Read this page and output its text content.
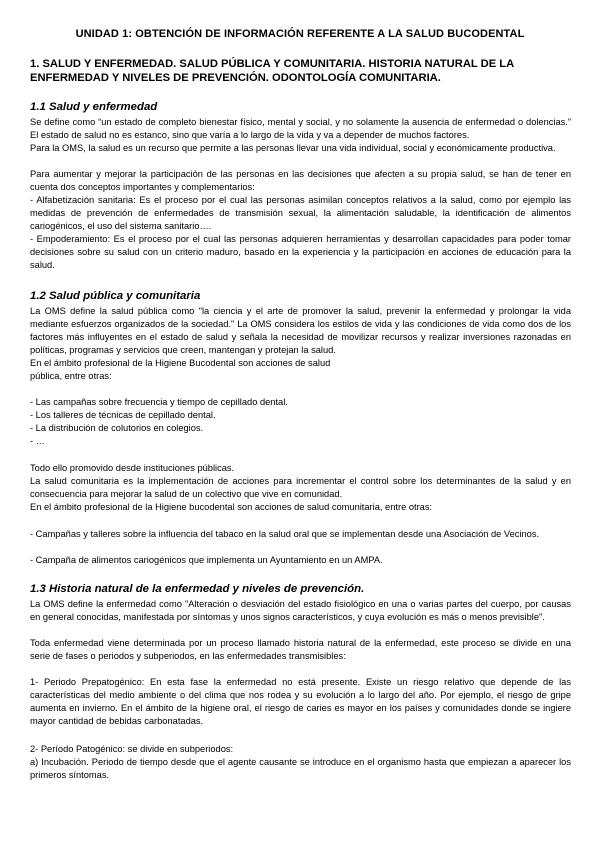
UNIDAD 1: OBTENCIÓN DE INFORMACIÓN REFERENTE A LA SALUD BUCODENTAL
1. SALUD Y ENFERMEDAD. SALUD PÚBLICA Y COMUNITARIA. HISTORIA NATURAL DE LA ENFERMEDAD Y NIVELES DE PREVENCIÓN. ODONTOLOGÍA COMUNITARIA.
1.1 Salud y enfermedad

Se define como “un estado de completo bienestar físico, mental y social, y no solamente la ausencia de enfermedad o dolencias.” El estado de salud no es estanco, sino que varía a lo largo de la vida y va a depender de muchos factores.

Para la OMS, la salud es un recurso que permite a las personas llevar una vida individual, social y económicamente productiva.

Para aumentar y mejorar la participación de las personas en las decisiones que afecten a su propia salud, se han de tener en cuenta dos conceptos importantes y complementarios:

- Alfabetización sanitaria: Es el proceso por el cual las personas asimilan conceptos relativos a la salud, como por ejemplo las medidas de prevención de enfermedades de transmisión sexual, la alimentación saludable, la identificación de alimentos cariogénicos, el uso del sistema sanitario….

- Empoderamiento: Es el proceso por el cual las personas adquieren herramientas y desarrollan capacidades para poder tomar decisiones sobre su salud con un criterio maduro, basado en la experiencia y la participación en acciones de educación para la salud.

1.2 Salud pública y comunitaria

La OMS define la salud pública como "la ciencia y el arte de promover la salud, prevenir la enfermedad y prolongar la vida mediante esfuerzos organizados de la sociedad." La OMS considera los estilos de vida y las condiciones de vida como dos de los factores más influyentes en el estado de salud y señala la necesidad de movilizar recursos y realizar inversiones razonadas en políticas, programas y servicios que creen, mantengan y protejan la salud.

En el ámbito profesional de la Higiene Bucodental son acciones de salud

pública, entre otras:

- Las campañas sobre frecuencia y tiempo de cepillado dental.

- Los talleres de técnicas de cepillado dental.

- La distribución de colutorios en colegios.

- …

Todo ello promovido desde instituciones públicas.

La salud comunitaria es la implementación de acciones para incrementar el control sobre los determinantes de la salud y en consecuencia para mejorar la salud de un colectivo que vive en comunidad.

En el ámbito profesional de la Higiene bucodental son acciones de salud comunitaria, entre otras:

- Campañas y talleres sobre la influencia del tabaco en la salud oral que se implementan desde una Asociación de Vecinos.

- Campaña de alimentos cariogénicos que implementa un Ayuntamiento en un AMPA.

1.3 Historia natural de la enfermedad y niveles de prevención.

La OMS define la enfermedad como "Alteración o desviación del estado fisiológico en una o varias partes del cuerpo, por causas en general conocidas, manifestada por síntomas y unos signos característicos, y cuya evolución es más o menos previsible".

Toda enfermedad viene determinada por un proceso llamado historia natural de la enfermedad, este proceso se divide en una serie de fases o periodos y subperiodos, en las enfermedades transmisibles:

1- Periodo Prepatogénico: En esta fase la enfermedad no está presente. Existe un riesgo relativo que depende de las características del medio ambiente o del clima que nos rodea y su evolución a lo largo del año. Por ejemplo, el riesgo de gripe aumenta en invierno. En el ámbito de la higiene oral, el riesgo de caries es mayor en los países y comunidades donde se ingiere mayor cantidad de bebidas carbonatadas.

2- Período Patogénico: se divide en subperiodos:

a) Incubación. Periodo de tiempo desde que el agente causante se introduce en el organismo hasta que empiezan a aparecer los primeros síntomas.
